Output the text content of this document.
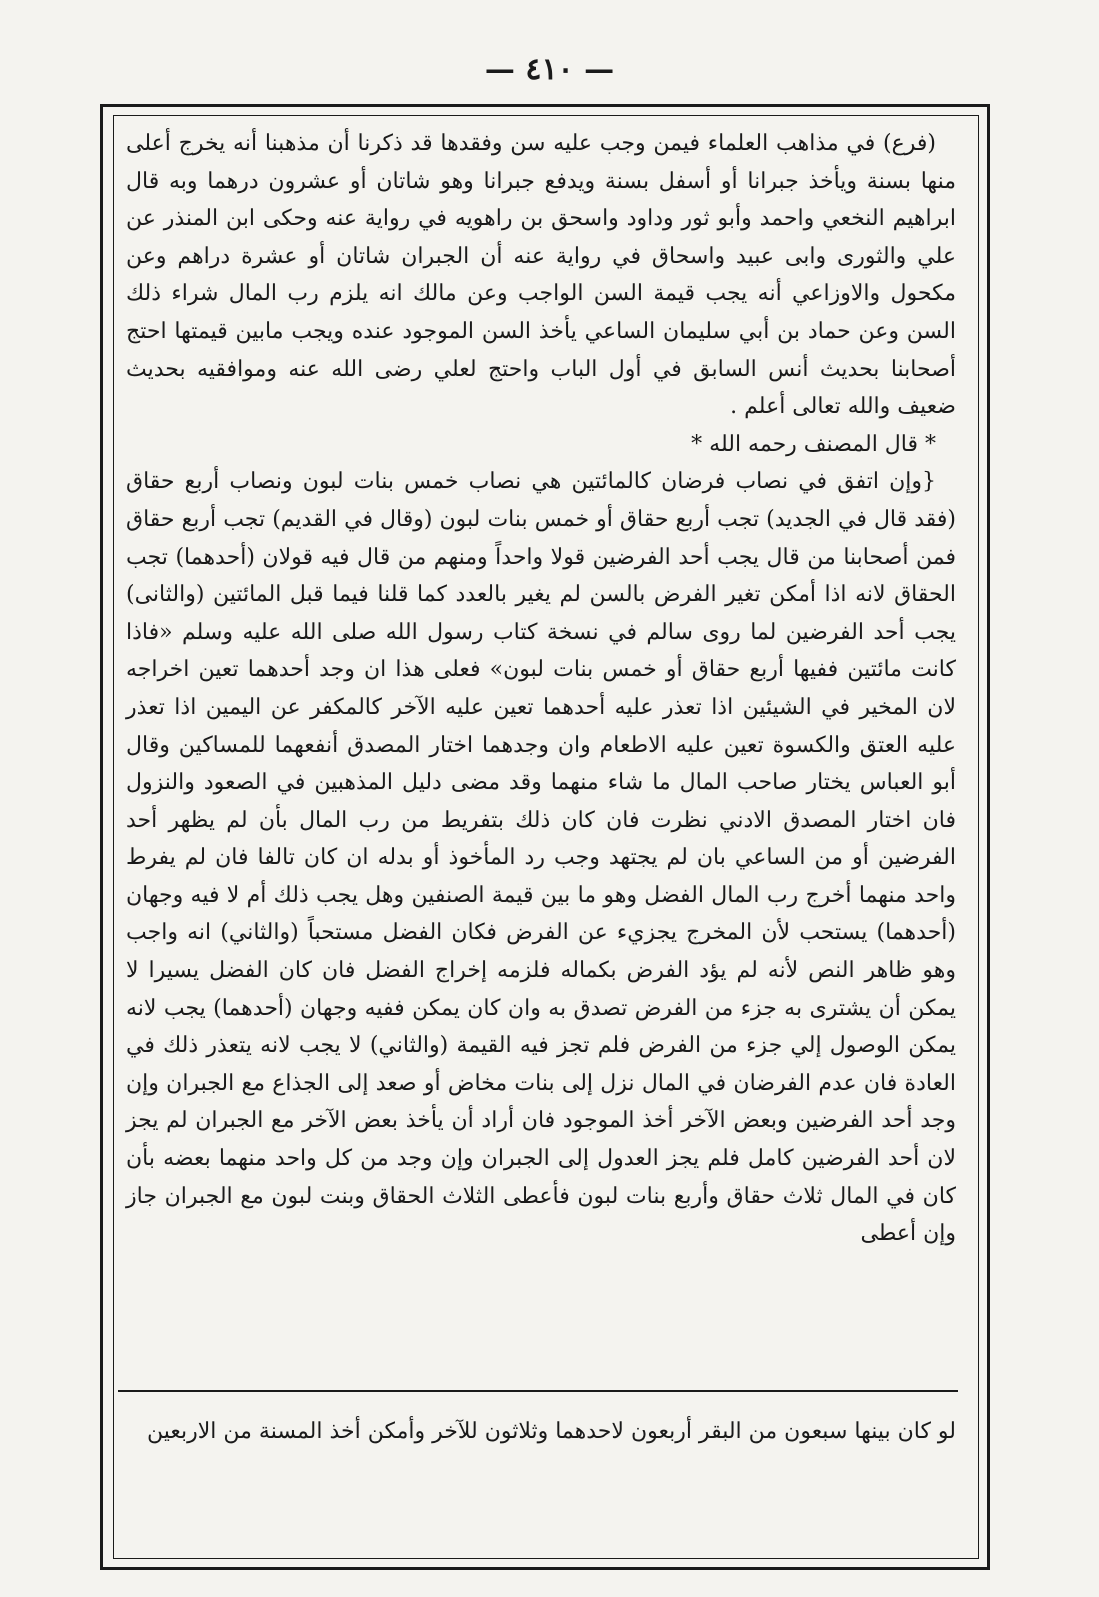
— ٤١٠ —

(فرع) في مذاهب العلماء فيمن وجب عليه سن وفقدها قد ذكرنا أن مذهبنا أنه يخرج أعلى منها بسنة ويأخذ جبرانا أو أسفل بسنة ويدفع جبرانا وهو شاتان أو عشرون درهما وبه قال ابراهيم النخعي واحمد وأبو ثور وداود واسحق بن راهويه في رواية عنه وحكى ابن المنذر عن علي والثورى وابى عبيد واسحاق في رواية عنه أن الجبران شاتان أو عشرة دراهم وعن مكحول والاوزاعي أنه يجب قيمة السن الواجب وعن مالك انه يلزم رب المال شراء ذلك السن وعن حماد بن أبي سليمان الساعي يأخذ السن الموجود عنده ويجب مابين قيمتها احتج أصحابنا بحديث أنس السابق في أول الباب واحتج لعلي رضى الله عنه وموافقيه بحديث ضعيف والله تعالى أعلم .

* قال المصنف رحمه الله *

{وإن اتفق في نصاب فرضان كالمائتين هي نصاب خمس بنات لبون ونصاب أربع حقاق (فقد قال في الجديد) تجب أربع حقاق أو خمس بنات لبون (وقال في القديم) تجب أربع حقاق فمن أصحابنا من قال يجب أحد الفرضين قولا واحداً ومنهم من قال فيه قولان (أحدهما) تجب الحقاق لانه اذا أمكن تغير الفرض بالسن لم يغير بالعدد كما قلنا فيما قبل المائتين (والثانى) يجب أحد الفرضين لما روى سالم في نسخة كتاب رسول الله صلى الله عليه وسلم «فاذا كانت مائتين ففيها أربع حقاق أو خمس بنات لبون» فعلى هذا ان وجد أحدهما تعين اخراجه لان المخير في الشيئين اذا تعذر عليه أحدهما تعين عليه الآخر كالمكفر عن اليمين اذا تعذر عليه العتق والكسوة تعين عليه الاطعام وان وجدهما اختار المصدق أنفعهما للمساكين وقال أبو العباس يختار صاحب المال ما شاء منهما وقد مضى دليل المذهبين في الصعود والنزول فان اختار المصدق الادني نظرت فان كان ذلك بتفريط من رب المال بأن لم يظهر أحد الفرضين أو من الساعي بان لم يجتهد وجب رد المأخوذ أو بدله ان كان تالفا فان لم يفرط واحد منهما أخرج رب المال الفضل وهو ما بين قيمة الصنفين وهل يجب ذلك أم لا فيه وجهان (أحدهما) يستحب لأن المخرج يجزيء عن الفرض فكان الفضل مستحباً (والثاني) انه واجب وهو ظاهر النص لأنه لم يؤد الفرض بكماله فلزمه إخراج الفضل فان كان الفضل يسيرا لا يمكن أن يشترى به جزء من الفرض تصدق به وان كان يمكن ففيه وجهان (أحدهما) يجب لانه يمكن الوصول إلي جزء من الفرض فلم تجز فيه القيمة (والثاني) لا يجب لانه يتعذر ذلك في العادة فان عدم الفرضان في المال نزل إلى بنات مخاض أو صعد إلى الجذاع مع الجبران وإن وجد أحد الفرضين وبعض الآخر أخذ الموجود فان أراد أن يأخذ بعض الآخر مع الجبران لم يجز لان أحد الفرضين كامل فلم يجز العدول إلى الجبران وإن وجد من كل واحد منهما بعضه بأن كان في المال ثلاث حقاق وأربع بنات لبون فأعطى الثلاث الحقاق وبنت لبون مع الجبران جاز وإن أعطى

لو كان بينها سبعون من البقر أربعون لاحدهما وثلاثون للآخر وأمكن أخذ المسنة من الاربعين
